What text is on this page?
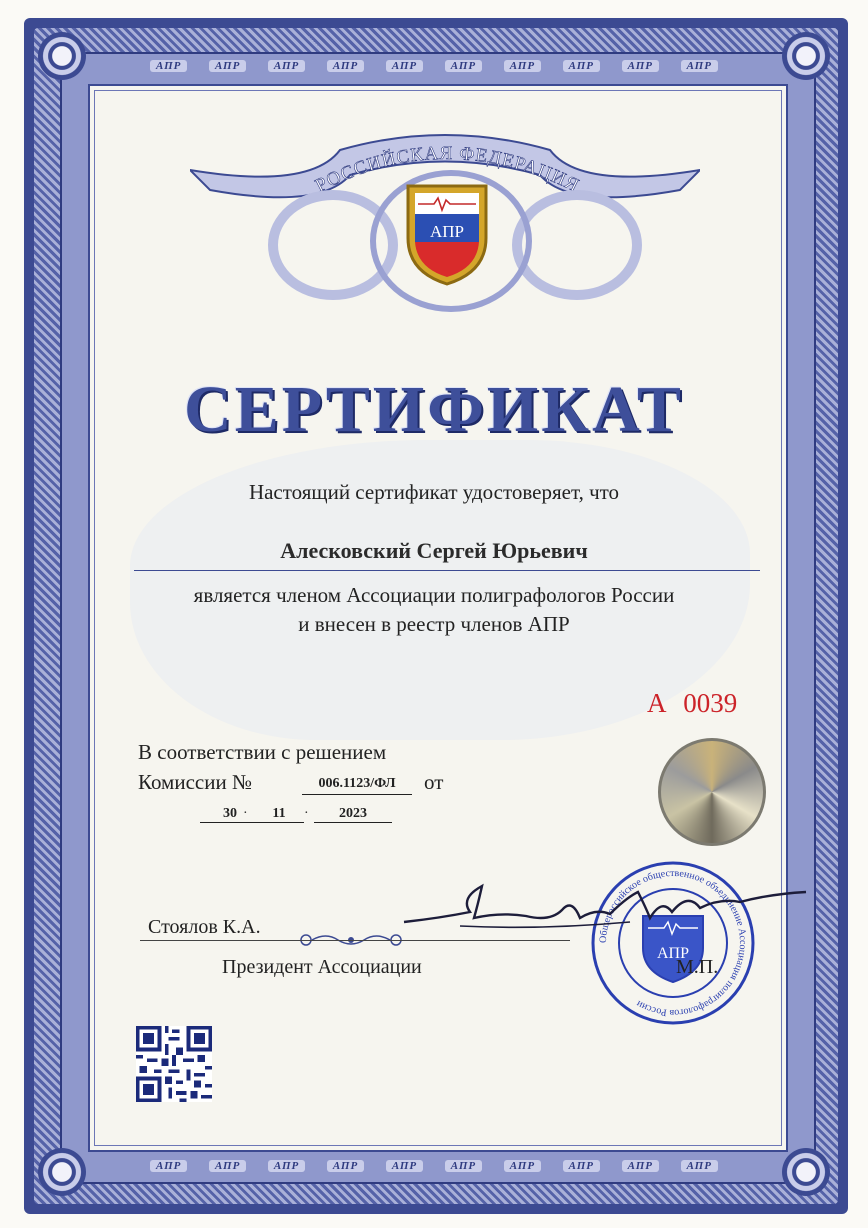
АПР	АПР	АПР	АПР	АПР	АПР	АПР	АПР	АПР	АПР
АПР	АПР	АПР	АПР	АПР	АПР	АПР	АПР	АПР	АПР
РОССИЙСКАЯ ФЕДЕРАЦИЯ
АПР
СЕРТИФИКАТ
Настоящий сертификат удостоверяет, что
Алесковский Сергей Юрьевич
является членом Ассоциации полиграфологов России
и внесен в реестр членов АПР
А 0039
В соответствии с решением
Комиссии №	006.1123/ФЛ	от
30 ·	11	·	2023
Общероссийское общественное объединение Ассоциация полиграфологов России
АПР
Стоялов К.А.
Президент Ассоциации	М.П.
